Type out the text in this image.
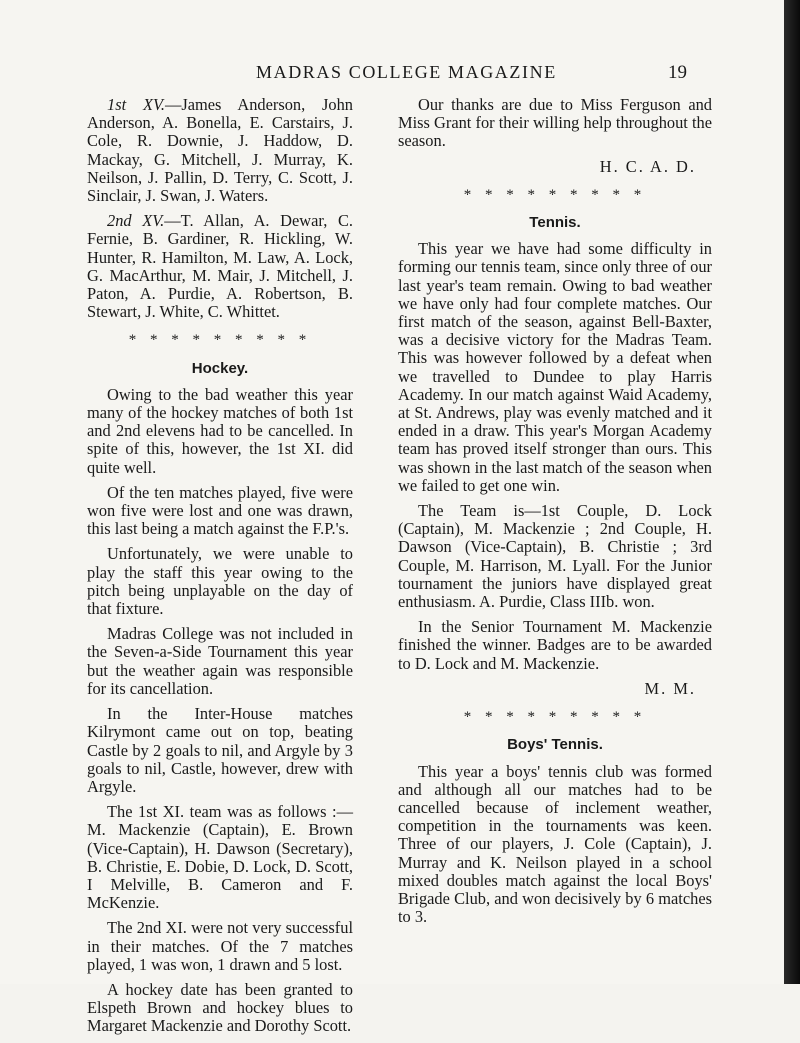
MADRAS COLLEGE MAGAZINE	19

1st XV.—James Anderson, John Anderson, A. Bonella, E. Carstairs, J. Cole, R. Downie, J. Haddow, D. Mackay, G. Mitchell, J. Murray, K. Neilson, J. Pallin, D. Terry, C. Scott, J. Sinclair, J. Swan, J. Waters.

2nd XV.—T. Allan, A. Dewar, C. Fernie, B. Gardiner, R. Hickling, W. Hunter, R. Hamilton, M. Law, A. Lock, G. MacArthur, M. Mair, J. Mitchell, J. Paton, A. Purdie, A. Robertson, B. Stewart, J. White, C. Whittet.

* * * * * * * * *
Hockey.

Owing to the bad weather this year many of the hockey matches of both 1st and 2nd elevens had to be cancelled. In spite of this, however, the 1st XI. did quite well.

Of the ten matches played, five were won five were lost and one was drawn, this last being a match against the F.P.'s.

Unfortunately, we were unable to play the staff this year owing to the pitch being unplayable on the day of that fixture.

Madras College was not included in the Seven-a-Side Tournament this year but the weather again was responsible for its cancellation.

In the Inter-House matches Kilrymont came out on top, beating Castle by 2 goals to nil, and Argyle by 3 goals to nil, Castle, however, drew with Argyle.

The 1st XI. team was as follows :—M. Mackenzie (Captain), E. Brown (Vice-Captain), H. Dawson (Secretary), B. Christie, E. Dobie, D. Lock, D. Scott, I Melville, B. Cameron and F. McKenzie.

The 2nd XI. were not very successful in their matches. Of the 7 matches played, 1 was won, 1 drawn and 5 lost.

A hockey date has been granted to Elspeth Brown and hockey blues to Margaret Mackenzie and Dorothy Scott.

Our thanks are due to Miss Ferguson and Miss Grant for their willing help throughout the season.

H. C. A. D.
* * * * * * * * *
Tennis.

This year we have had some difficulty in forming our tennis team, since only three of our last year's team remain. Owing to bad weather we have only had four complete matches. Our first match of the season, against Bell-Baxter, was a decisive victory for the Madras Team. This was however followed by a defeat when we travelled to Dundee to play Harris Academy. In our match against Waid Academy, at St. Andrews, play was evenly matched and it ended in a draw. This year's Morgan Academy team has proved itself stronger than ours. This was shown in the last match of the season when we failed to get one win.

The Team is—1st Couple, D. Lock (Captain), M. Mackenzie ; 2nd Couple, H. Dawson (Vice-Captain), B. Christie ; 3rd Couple, M. Harrison, M. Lyall. For the Junior tournament the juniors have displayed great enthusiasm. A. Purdie, Class IIIb. won.

In the Senior Tournament M. Mackenzie finished the winner. Badges are to be awarded to D. Lock and M. Mackenzie.

M. M.
* * * * * * * * *
Boys' Tennis.

This year a boys' tennis club was formed and although all our matches had to be cancelled because of inclement weather, competition in the tournaments was keen. Three of our players, J. Cole (Captain), J. Murray and K. Neilson played in a school mixed doubles match against the local Boys' Brigade Club, and won decisively by 6 matches to 3.
